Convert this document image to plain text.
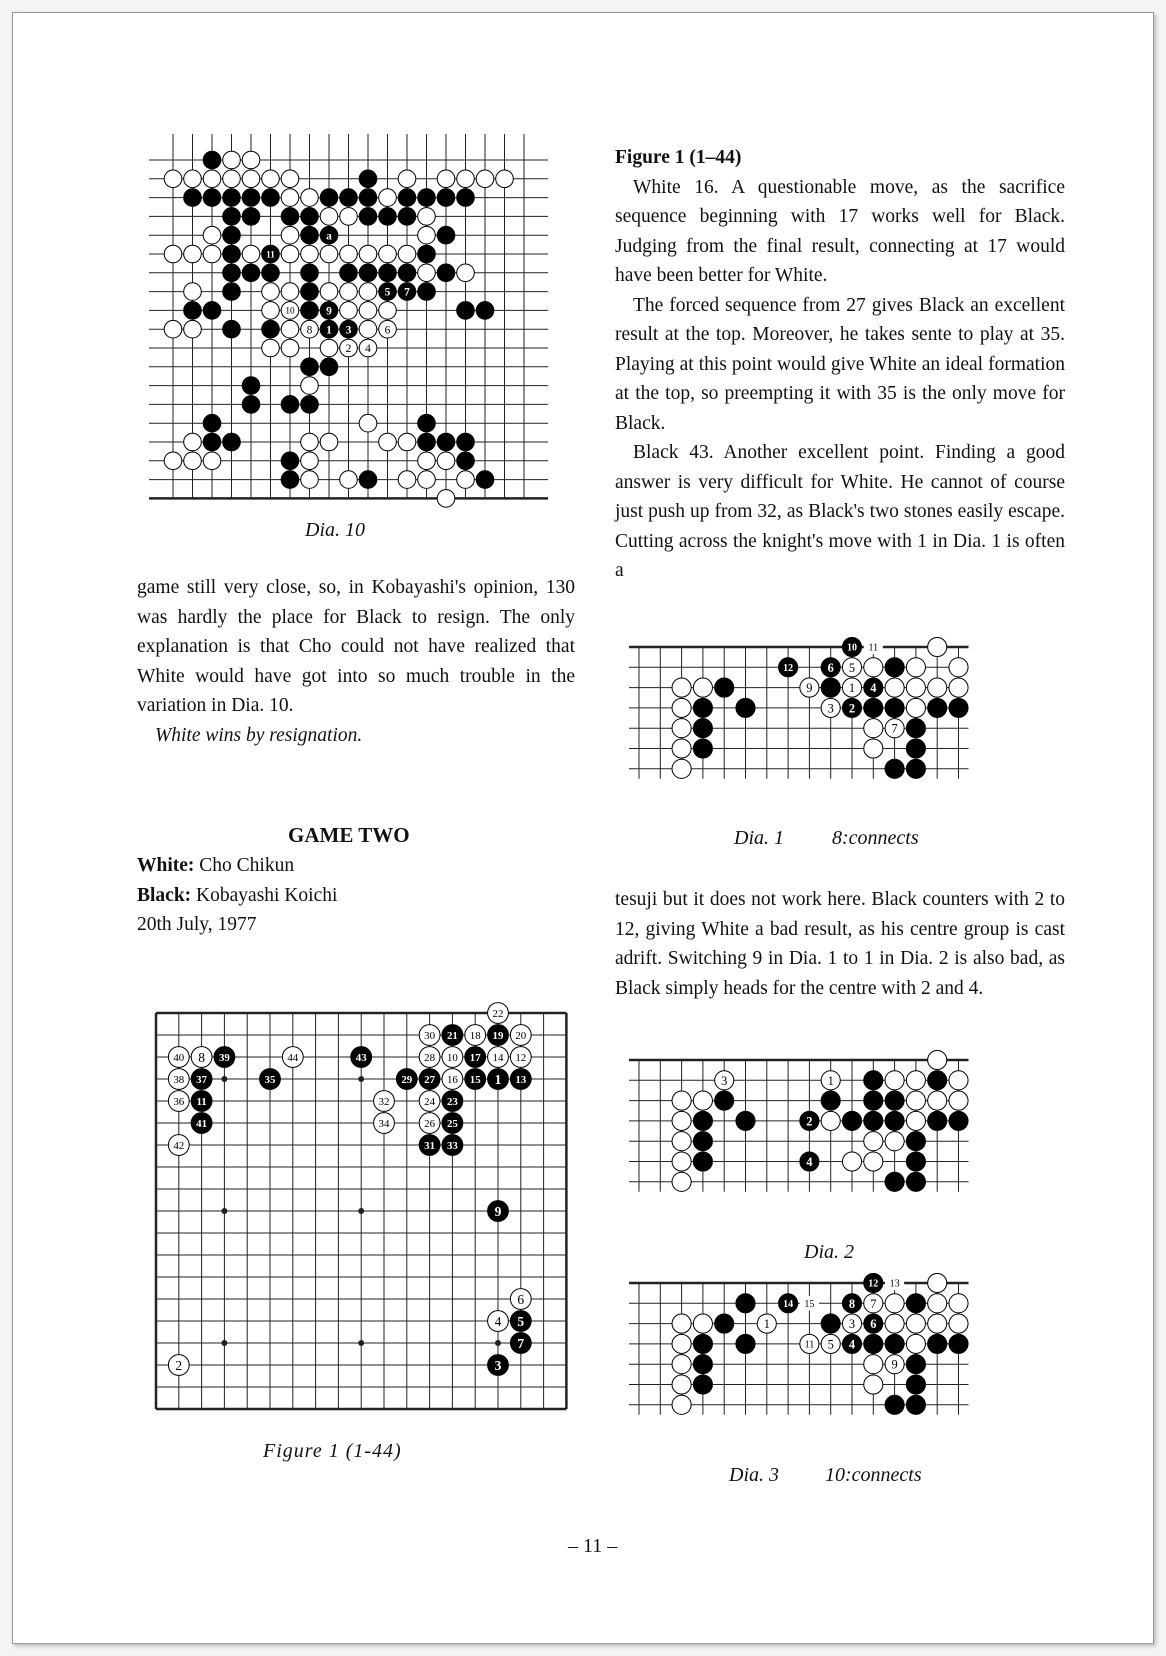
a
11
5 7
10	9
8 1 3	6
2 4
Dia. 10

game still very close, so, in Kobayashi's opinion, 130 was hardly the place for Black to resign. The only explanation is that Cho could not have realized that White would have got into so much trouble in the variation in Dia. 10.

White wins by resignation.

GAME TWO
White: Cho Chikun
Black: Kobayashi Koichi
20th July, 1977
22
30 21 18 19 20
40 8 39	44	43	28 10 17 14 12
38 37	35	29 27 16 15 1 13
36 11	32	24 23
41	34	26 25
42	31 33
9
6
4 5
7
2	3
Figure 1 (1-44)

Figure 1 (1–44)

White 16. A questionable move, as the sacrifice sequence beginning with 17 works well for Black. Judging from the final result, connecting at 17 would have been better for White.

The forced sequence from 27 gives Black an excellent result at the top. Moreover, he takes sente to play at 35. Playing at this point would give White an ideal formation at the top, so preempting it with 35 is the only move for Black.

Black 43. Another excellent point. Finding a good answer is very difficult for White. He cannot of course just push up from 32, as Black's two stones easily escape. Cutting across the knight's move with 1 in Dia. 1 is often a

10 11
12	6 5
9	1 4
3 2
7
Dia. 1 8:connects

tesuji but it does not work here. Black counters with 2 to 12, giving White a bad result, as his centre group is cast adrift. Switching 9 in Dia. 1 to 1 in Dia. 2 is also bad, as Black simply heads for the centre with 2 and 4.

3	1
2
4
Dia. 2
12 13
14 15	8 7
1	3 6
11 5 4
9
Dia. 3 10:connects
– 11 –
